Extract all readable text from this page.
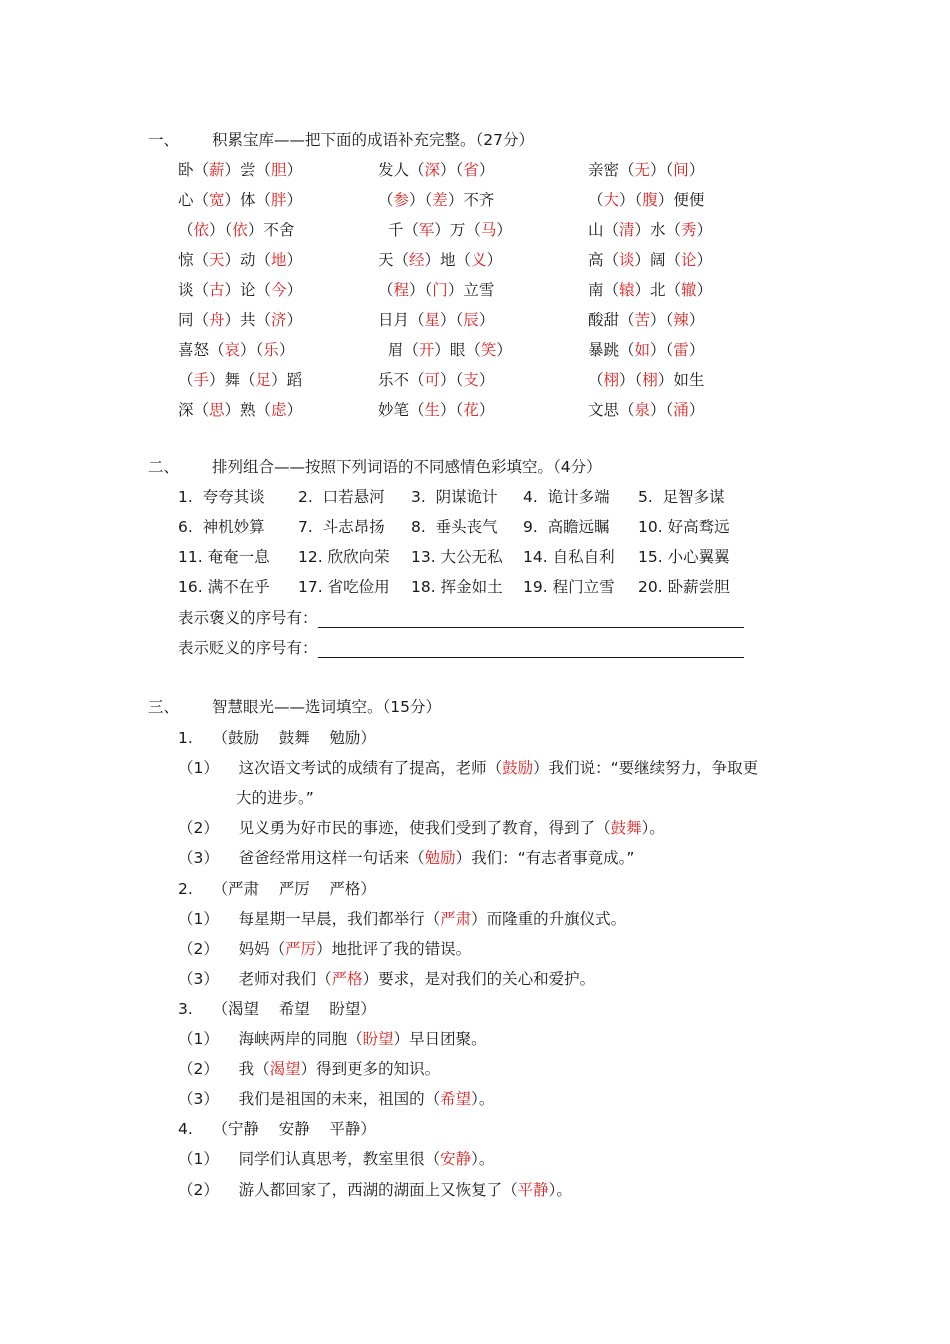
一、 积累宝库——把下面的成语补充完整。（27分）
卧（薪）尝（胆）	发人（深）（省）	亲密（无）（间）
心（宽）体（胖）	（参）（差）不齐	（大）（腹）便便
（依）（依）不舍	千（军）万（马）	山（清）水（秀）
惊（天）动（地）	天（经）地（义）	高（谈）阔（论）
谈（古）论（今）	（程）（门）立雪	南（辕）北（辙）
同（舟）共（济）	日月（星）（辰）	酸甜（苦）（辣）
喜怒（哀）（乐）	眉（开）眼（笑）	暴跳（如）（雷）
（手）舞（足）蹈	乐不（可）（支）	（栩）（栩）如生
深（思）熟（虑）	妙笔（生）（花）	文思（泉）（涌）
二、 排列组合——按照下列词语的不同感情色彩填空。（4分）
1.  夸夸其谈 2.  口若悬河 3.  阴谋诡计 4.  诡计多端 5.  足智多谋
6.  神机妙算 7.  斗志昂扬 8.  垂头丧气 9.  高瞻远瞩 10. 好高骛远
11. 奄奄一息 12. 欣欣向荣 13. 大公无私 14. 自私自利 15. 小心翼翼
16. 满不在乎 17. 省吃俭用 18. 挥金如土 19. 程门立雪 20. 卧薪尝胆
表示褒义的序号有：
表示贬义的序号有：
三、 智慧眼光——选词填空。（15分）
1.    （鼓励    鼓舞    勉励）
（1）    这次语文考试的成绩有了提高，老师（鼓励）我们说：“要继续努力，争取更
大的进步。”
（2）    见义勇为好市民的事迹，使我们受到了教育，得到了（鼓舞）。
（3）    爸爸经常用这样一句话来（勉励）我们：“有志者事竟成。”
2.    （严肃    严厉    严格）
（1）    每星期一早晨，我们都举行（严肃）而隆重的升旗仪式。
（2）    妈妈（严厉）地批评了我的错误。
（3）    老师对我们（严格）要求，是对我们的关心和爱护。
3.    （渴望    希望    盼望）
（1）    海峡两岸的同胞（盼望）早日团聚。
（2）    我（渴望）得到更多的知识。
（3）    我们是祖国的未来，祖国的（希望）。
4.    （宁静    安静    平静）
（1）    同学们认真思考，教室里很（安静）。
（2）    游人都回家了，西湖的湖面上又恢复了（平静）。
